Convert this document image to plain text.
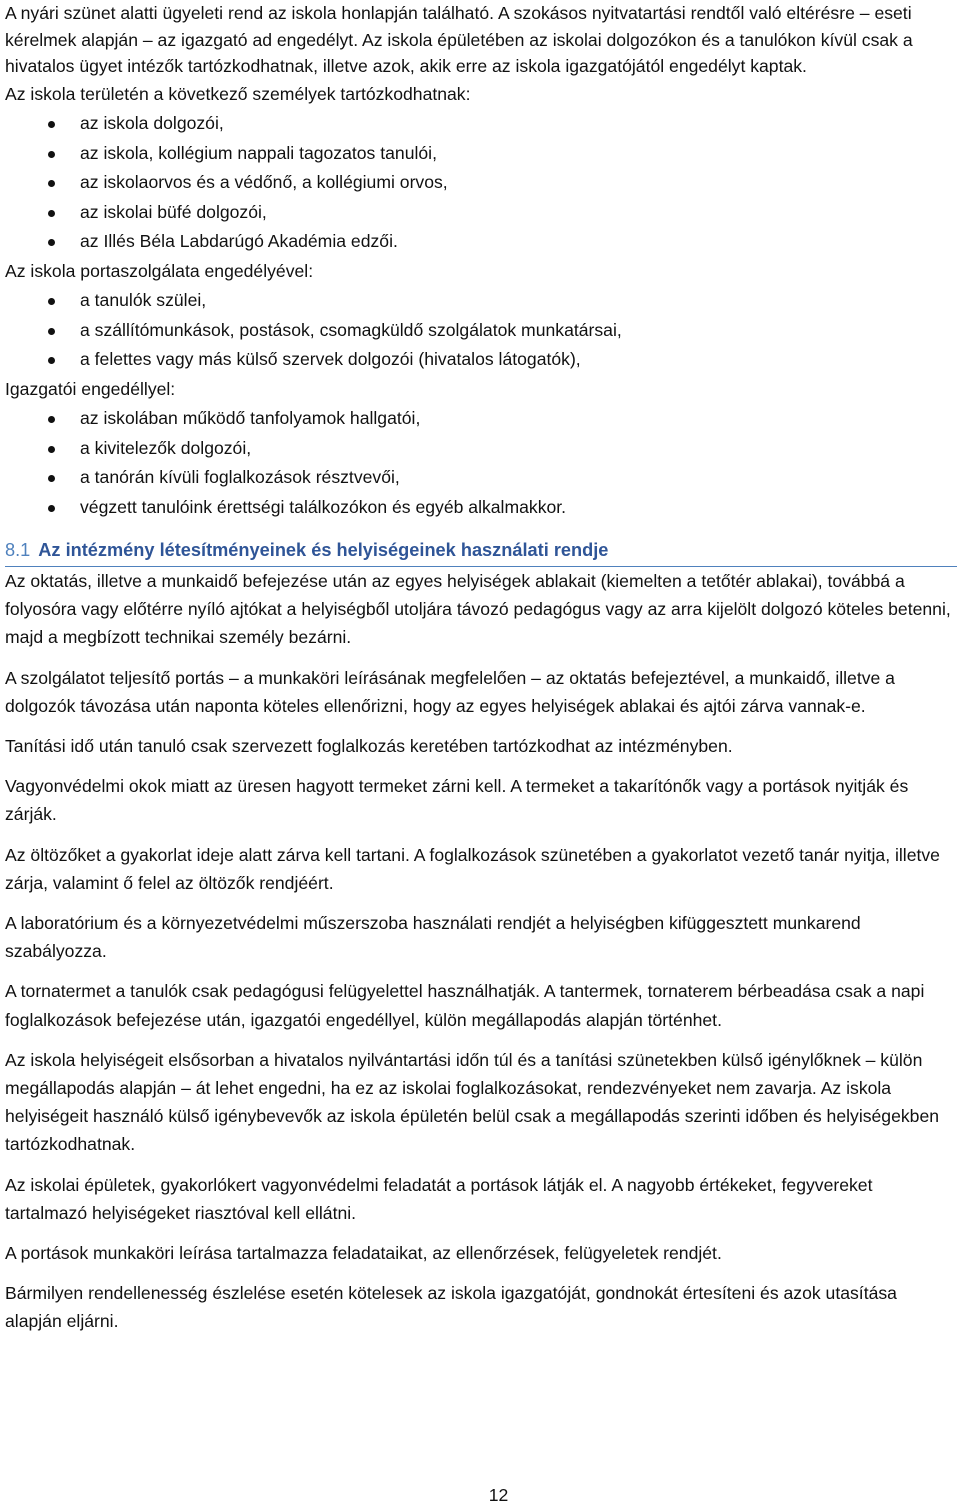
A nyári szünet alatti ügyeleti rend az iskola honlapján található. A szokásos nyitvatartási rendtől való eltérésre – eseti kérelmek alapján – az igazgató ad engedélyt. Az iskola épületében az iskolai dolgozókon és a tanulókon kívül csak a hivatalos ügyet intézők tartózkodhatnak, illetve azok, akik erre az iskola igazgatójától engedélyt kaptak.

Az iskola területén a következő személyek tartózkodhatnak:

az iskola dolgozói,
az iskola, kollégium nappali tagozatos tanulói,
az iskolaorvos és a védőnő, a kollégiumi orvos,
az iskolai büfé dolgozói,
az Illés Béla Labdarúgó Akadémia edzői.

Az iskola portaszolgálata engedélyével:

a tanulók szülei,
a szállítómunkások, postások, csomagküldő szolgálatok munkatársai,
a felettes vagy más külső szervek dolgozói (hivatalos látogatók),

Igazgatói engedéllyel:

az iskolában működő tanfolyamok hallgatói,
a kivitelezők dolgozói,
a tanórán kívüli foglalkozások résztvevői,
végzett tanulóink érettségi találkozókon és egyéb alkalmakkor.
8.1 Az intézmény létesítményeinek és helyiségeinek használati rendje

Az oktatás, illetve a munkaidő befejezése után az egyes helyiségek ablakait (kiemelten a tetőtér ablakai), továbbá a folyosóra vagy előtérre nyíló ajtókat a helyiségből utoljára távozó pedagógus vagy az arra kijelölt dolgozó köteles betenni, majd a megbízott technikai személy bezárni.

A szolgálatot teljesítő portás – a munkaköri leírásának megfelelően – az oktatás befejeztével, a munkaidő, illetve a dolgozók távozása után naponta köteles ellenőrizni, hogy az egyes helyiségek ablakai és ajtói zárva vannak-e.

Tanítási idő után tanuló csak szervezett foglalkozás keretében tartózkodhat az intézményben.

Vagyonvédelmi okok miatt az üresen hagyott termeket zárni kell. A termeket a takarítónők vagy a portások nyitják és zárják.

Az öltözőket a gyakorlat ideje alatt zárva kell tartani. A foglalkozások szünetében a gyakorlatot vezető tanár nyitja, illetve zárja, valamint ő felel az öltözők rendjéért.

A laboratórium és a környezetvédelmi műszerszoba használati rendjét a helyiségben kifüggesztett munkarend szabályozza.

A tornatermet a tanulók csak pedagógusi felügyelettel használhatják. A tantermek, tornaterem bérbeadása csak a napi foglalkozások befejezése után, igazgatói engedéllyel, külön megállapodás alapján történhet.

Az iskola helyiségeit elsősorban a hivatalos nyilvántartási időn túl és a tanítási szünetekben külső igénylőknek – külön megállapodás alapján – át lehet engedni, ha ez az iskolai foglalkozásokat, rendezvényeket nem zavarja. Az iskola helyiségeit használó külső igénybevevők az iskola épületén belül csak a megállapodás szerinti időben és helyiségekben tartózkodhatnak.

Az iskolai épületek, gyakorlókert vagyonvédelmi feladatát a portások látják el. A nagyobb értékeket, fegyvereket tartalmazó helyiségeket riasztóval kell ellátni.

A portások munkaköri leírása tartalmazza feladataikat, az ellenőrzések, felügyeletek rendjét.

Bármilyen rendellenesség észlelése esetén kötelesek az iskola igazgatóját, gondnokát értesíteni és azok utasítása alapján eljárni.

12
